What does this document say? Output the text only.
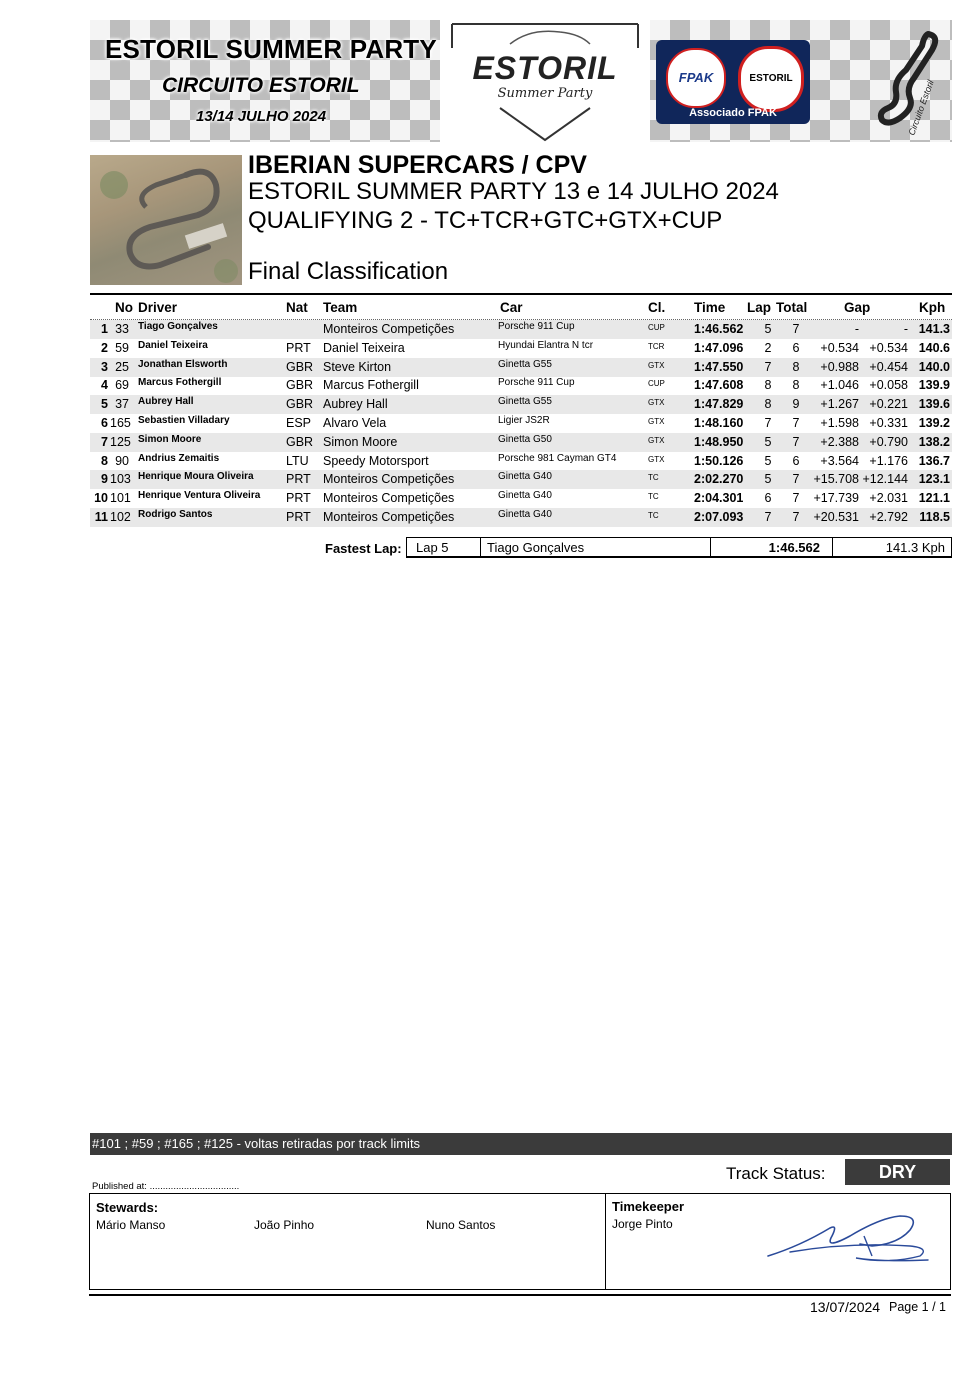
ESTORIL SUMMER PARTY
CIRCUITO ESTORIL
13/14 JULHO 2024
ESTORIL
Summer Party
FPAK	ESTORIL
Associado FPAK	Circuito Estoril
IBERIAN SUPERCARS / CPV
ESTORIL SUMMER PARTY 13 e 14 JULHO 2024
QUALIFYING 2 - TC+TCR+GTC+GTX+CUP
Final Classification
No Driver	Nat Team	Car	Cl. Time Lap Total	Gap	Kph
1 33 Tiago Gonçalves	Monteiros Competições	Porsche 911 Cup	CUP 1:46.562 5 7	-	- 141.3
2 59 Daniel Teixeira	PRT Daniel Teixeira	Hyundai Elantra N tcr	TCR 1:47.096 2 6	+0.534 +0.534 140.6
3 25 Jonathan Elsworth	GBR Steve Kirton	Ginetta G55	GTX 1:47.550 7 8	+0.988 +0.454 140.0
4 69 Marcus Fothergill	GBR Marcus Fothergill	Porsche 911 Cup	CUP 1:47.608 8 8	+1.046 +0.058 139.9
5 37 Aubrey Hall	GBR Aubrey Hall	Ginetta G55	GTX 1:47.829 8 9	+1.267 +0.221 139.6
6 165 Sebastien Villadary	ESP Alvaro Vela	Ligier JS2R	GTX 1:48.160 7 7	+1.598 +0.331 139.2
7 125 Simon Moore	GBR Simon Moore	Ginetta G50	GTX 1:48.950 5 7	+2.388 +0.790 138.2
8 90 Andrius Zemaitis	LTU Speedy Motorsport	Porsche 981 Cayman GT4	GTX 1:50.126 5 6	+3.564 +1.176 136.7
9 103 Henrique Moura Oliveira	PRT Monteiros Competições	Ginetta G40	TC	2:02.270 5 7	+15.708 +12.144 123.1
10 101 Henrique Ventura Oliveira PRT Monteiros Competições	Ginetta G40	TC	2:04.301 6 7	+17.739 +2.031 121.1
11 102 Rodrigo Santos	PRT Monteiros Competições	Ginetta G40	TC	2:07.093 7 7	+20.531 +2.792 118.5
Fastest Lap:	Lap 5	Tiago Gonçalves	1:46.562	141.3 Kph
#101 ; #59 ; #165 ; #125 - voltas retiradas por track limits
Track Status:	DRY
Published at: ..................................
Stewards:
Mário Manso	João Pinho	Nuno Santos
Timekeeper
Jorge Pinto
13/07/2024 Page 1 / 1
